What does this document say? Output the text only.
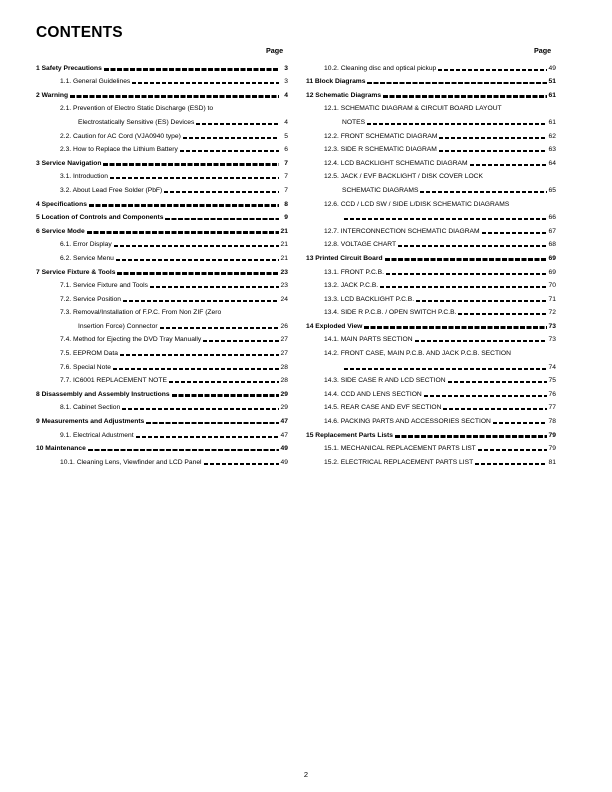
CONTENTS
Page	Page
1 Safety Precautions	3
1.1. General Guidelines	3
2 Warning	4
2.1. Prevention of Electro Static Discharge (ESD) to
Electrostatically Sensitive (ES) Devices	4
2.2. Caution for AC Cord (VJA0940 type)	5
2.3. How to Replace the Lithium Battery	6
3 Service Navigation	7
3.1. Introduction	7
3.2. About Lead Free Solder (PbF)	7
4 Specifications	8
5 Location of Controls and Components	9
6 Service Mode	21
6.1. Error Display	21
6.2. Service Menu	21
7 Service Fixture & Tools	23
7.1. Service Fixture and Tools	23
7.2. Service Position	24
7.3. Removal/Installation of F.P.C. From Non ZIF (Zero
Insertion Force) Connector	26
7.4. Method for Ejecting the DVD Tray Manually	27
7.5. EEPROM Data	27
7.6. Special Note	28
7.7. IC6001 REPLACEMENT NOTE	28
8 Disassembly and Assembly Instructions	29
8.1. Cabinet Section	29
9 Measurements and Adjustments	47
9.1. Electrical Adustment	47
10 Maintenance	49
10.1. Cleaning Lens, Viewfinder and LCD Panel	49
10.2. Cleaning disc and optical pickup	49
11 Block Diagrams	51
12 Schematic Diagrams	61
12.1. SCHEMATIC DIAGRAM & CIRCUIT BOARD LAYOUT
NOTES	61
12.2. FRONT SCHEMATIC DIAGRAM	62
12.3. SIDE R SCHEMATIC DIAGRAM	63
12.4. LCD BACKLIGHT SCHEMATIC DIAGRAM	64
12.5. JACK / EVF BACKLIGHT / DISK COVER LOCK
SCHEMATIC DIAGRAMS	65
12.6. CCD / LCD SW / SIDE L/DISK SCHEMATIC DIAGRAMS
66
12.7. INTERCONNECTION SCHEMATIC DIAGRAM	67
12.8. VOLTAGE CHART	68
13 Printed Circuit Board	69
13.1. FRONT P.C.B.	69
13.2. JACK P.C.B.	70
13.3. LCD BACKLIGHT P.C.B.	71
13.4. SIDE R P.C.B. / OPEN SWITCH P.C.B.	72
14 Exploded View	73
14.1. MAIN PARTS SECTION	73
14.2. FRONT CASE, MAIN P.C.B. AND JACK P.C.B. SECTION
74
14.3. SIDE CASE R AND LCD SECTION	75
14.4. CCD AND LENS SECTION	76
14.5. REAR CASE AND EVF SECTION	77
14.6. PACKING PARTS AND ACCESSORIES SECTION	78
15 Replacement Parts Lists	79
15.1. MECHANICAL REPLACEMENT PARTS LIST	79
15.2. ELECTRICAL REPLACEMENT PARTS LIST	81
2
